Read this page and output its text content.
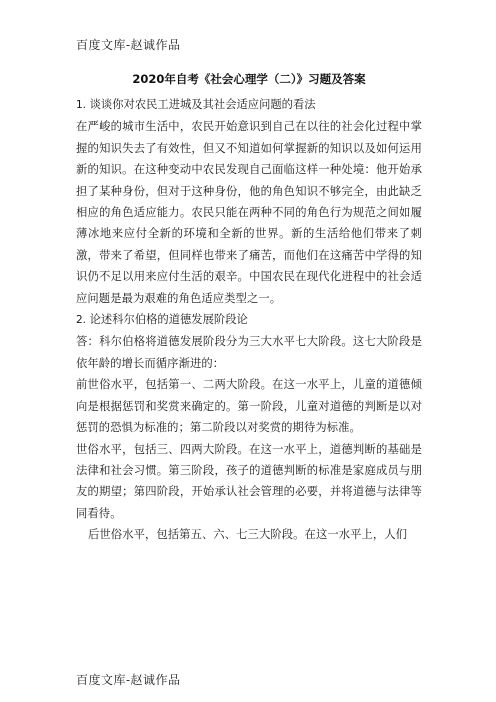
百度文库-赵诚作品
2020年自考《社会心理学（二）》习题及答案

1. 谈谈你对农民工进城及其社会适应问题的看法

在严峻的城市生活中，农民开始意识到自己在以往的社会化过程中掌握的知识失去了有效性，但又不知道如何掌握新的知识以及如何运用新的知识。在这种变动中农民发现自己面临这样一种处境：他开始承担了某种身份，但对于这种身份，他的角色知识不够完全，由此缺乏相应的角色适应能力。农民只能在两种不同的角色行为规范之间如履薄冰地来应付全新的环境和全新的世界。新的生活给他们带来了刺激，带来了希望，但同样也带来了痛苦，而他们在这痛苦中学得的知识仍不足以用来应付生活的艰辛。中国农民在现代化进程中的社会适应问题是最为艰难的角色适应类型之一。

2. 论述科尔伯格的道德发展阶段论

答：科尔伯格将道德发展阶段分为三大水平七大阶段。这七大阶段是依年龄的增长而循序渐进的：

前世俗水平，包括第一、二两大阶段。在这一水平上，儿童的道德倾向是根据惩罚和奖赏来确定的。第一阶段，儿童对道德的判断是以对惩罚的恐惧为标准的；第二阶段以对奖赏的期待为标准。

世俗水平，包括三、四两大阶段。在这一水平上，道德判断的基础是法律和社会习惯。第三阶段，孩子的道德判断的标准是家庭成员与朋友的期望；第四阶段，开始承认社会管理的必要，并将道德与法律等同看待。

后世俗水平，包括第五、六、七三大阶段。在这一水平上，人们

百度文库-赵诚作品
